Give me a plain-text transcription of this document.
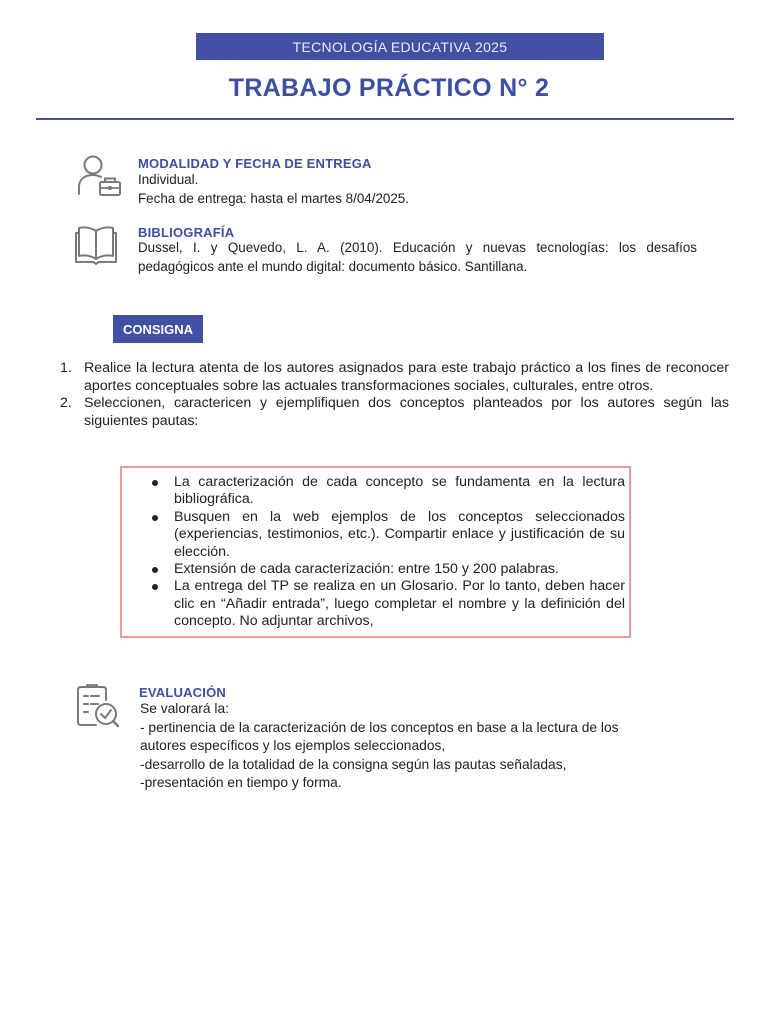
TECNOLOGÍA EDUCATIVA 2025
TRABAJO PRÁCTICO N° 2
MODALIDAD Y FECHA DE ENTREGA
Individual.
Fecha de entrega: hasta el martes 8/04/2025.
BIBLIOGRAFÍA
Dussel, I. y Quevedo, L. A. (2010). Educación y nuevas tecnologías: los desafíos pedagógicos ante el mundo digital: documento básico. Santillana.
CONSIGNA
1. Realice la lectura atenta de los autores asignados para este trabajo práctico a los fines de reconocer aportes conceptuales sobre las actuales transformaciones sociales, culturales, entre otros.
2. Seleccionen, caractericen y ejemplifiquen dos conceptos planteados por los autores según las siguientes pautas:
La caracterización de cada concepto se fundamenta en la lectura bibliográfica.
Busquen en la web ejemplos de los conceptos seleccionados (experiencias, testimonios, etc.). Compartir enlace y justificación de su elección.
Extensión de cada caracterización: entre 150 y 200 palabras.
La entrega del TP se realiza en un Glosario. Por lo tanto, deben hacer clic en “Añadir entrada”, luego completar el nombre y la definición del concepto. No adjuntar archivos,
EVALUACIÓN
Se valorará la:
- pertinencia de la caracterización de los conceptos en base a la lectura de los
autores específicos y los ejemplos seleccionados,
-desarrollo de la totalidad de la consigna según las pautas señaladas,
-presentación en tiempo y forma.
